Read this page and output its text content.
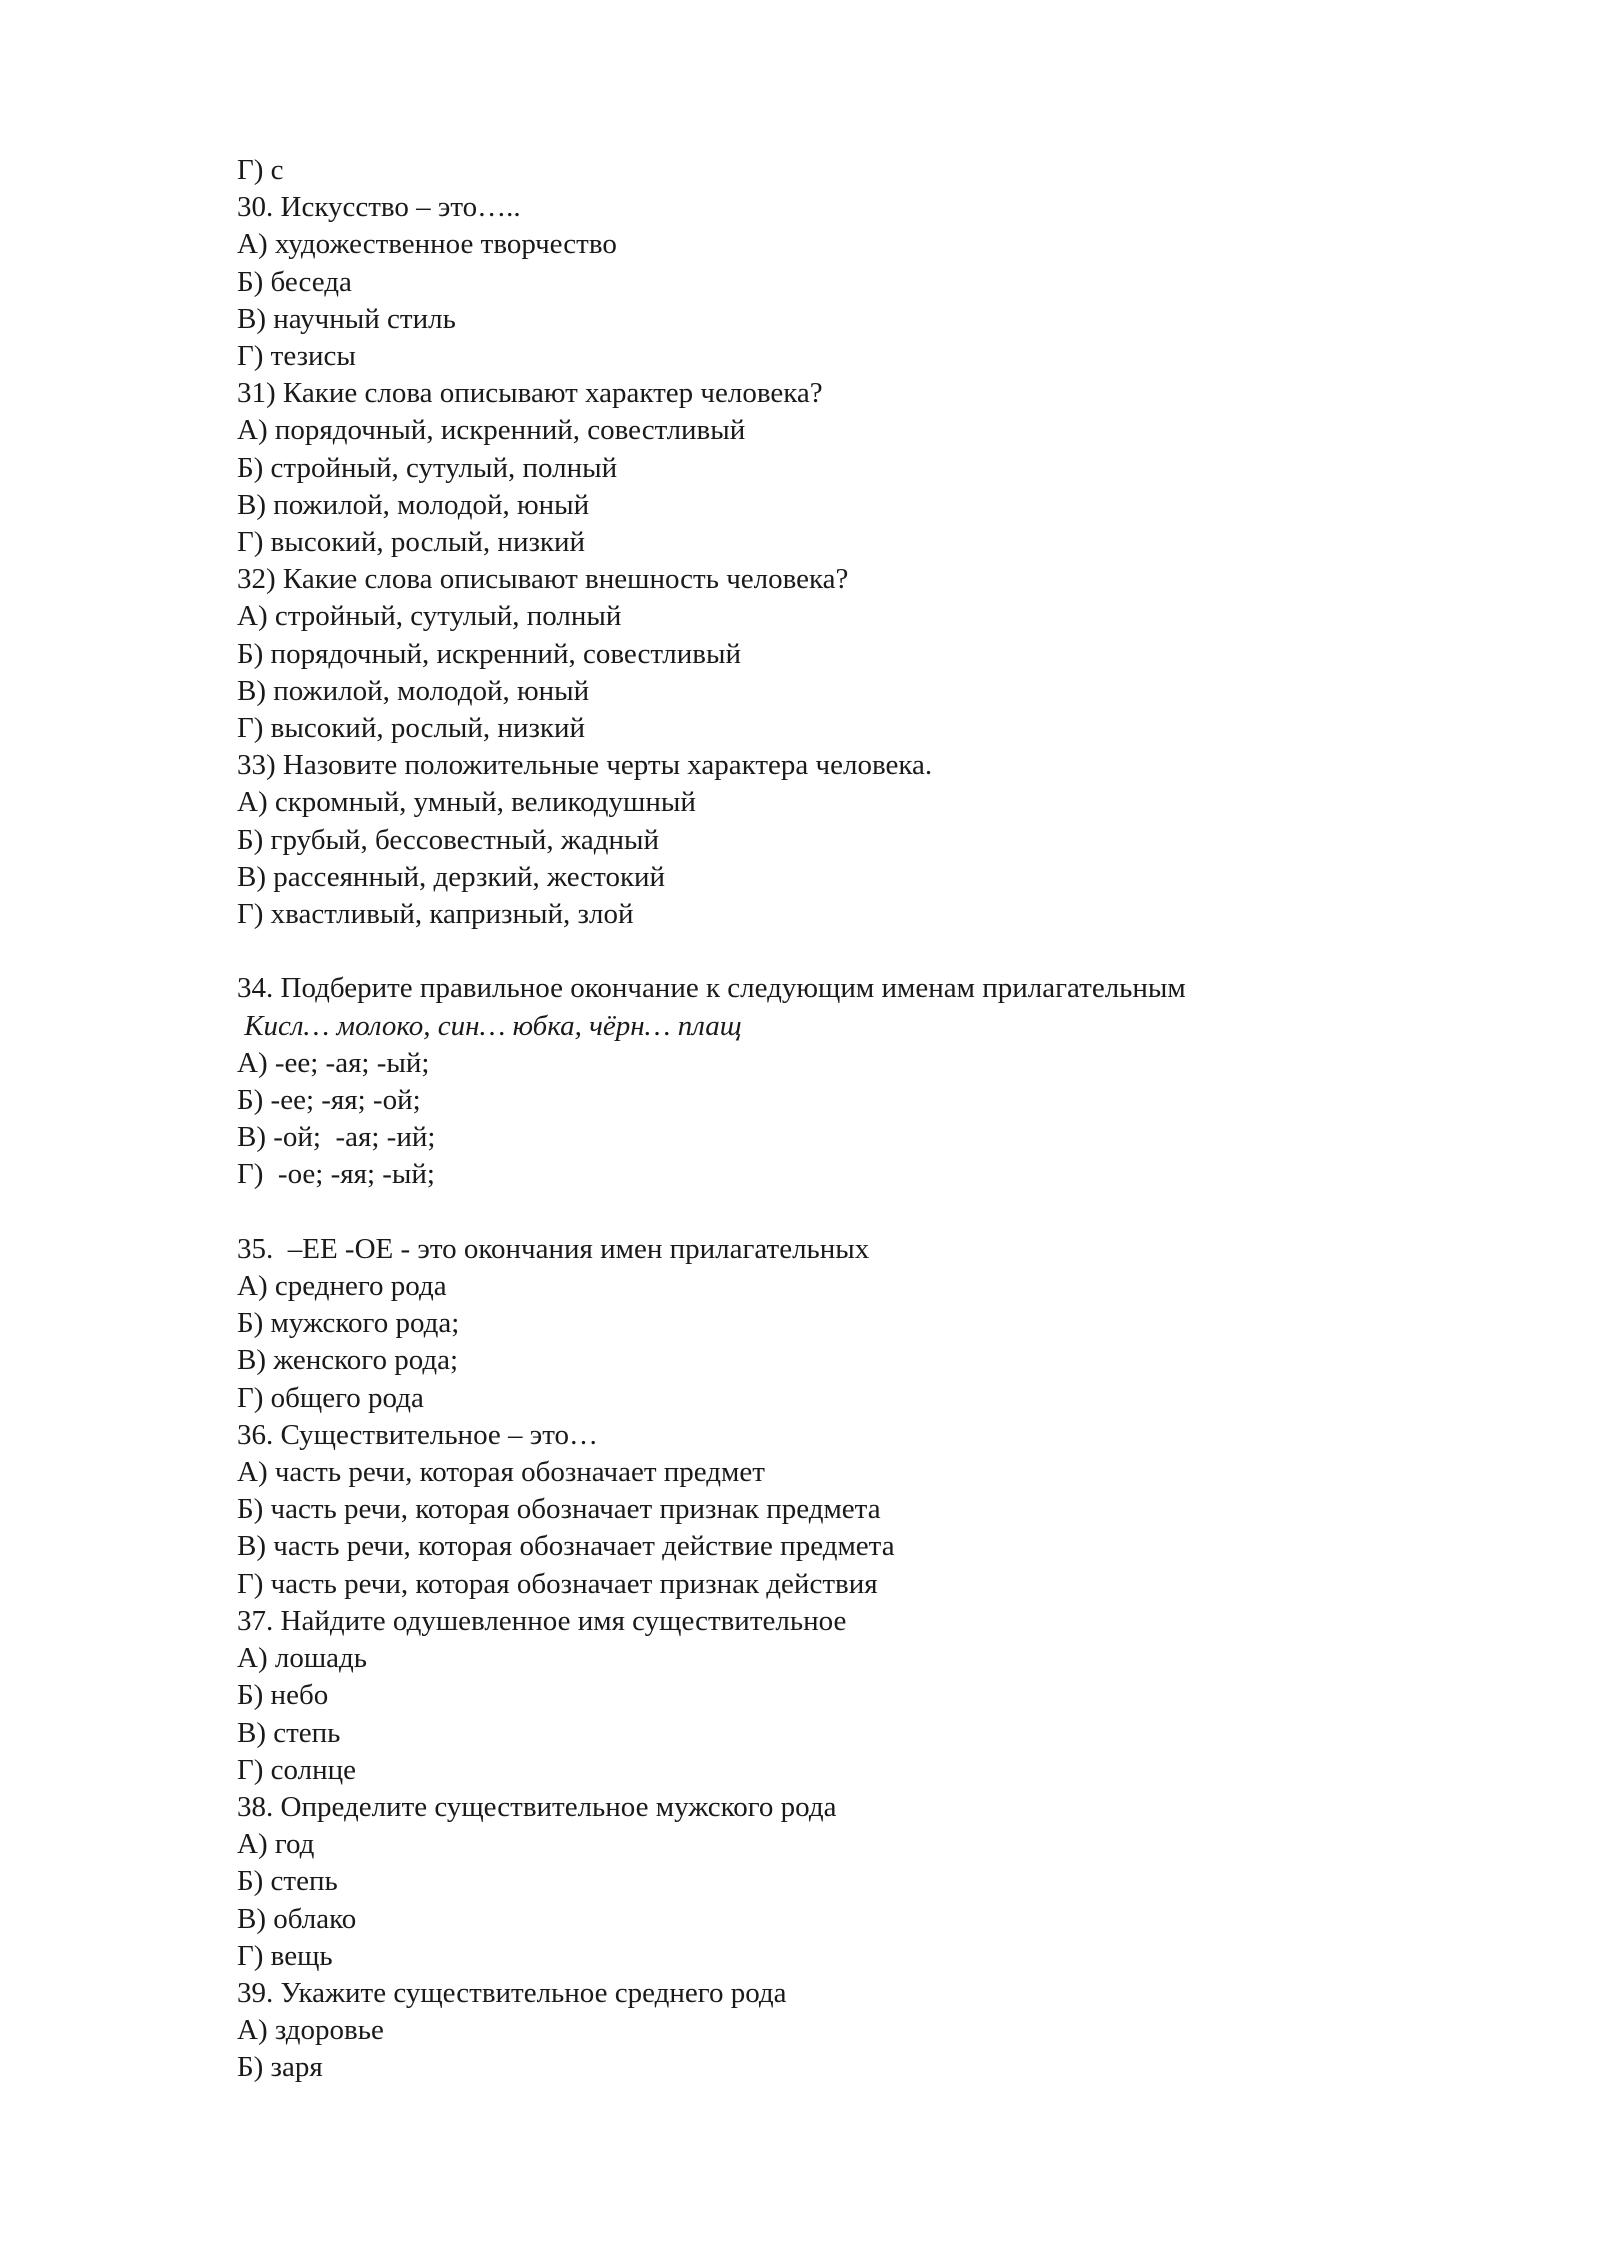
Г) с
30. Искусство – это…..
А) художественное творчество
Б) беседа
В) научный стиль
Г) тезисы
31) Какие слова описывают характер человека?
А) порядочный, искренний, совестливый
Б) стройный, сутулый, полный
В) пожилой, молодой, юный
Г) высокий, рослый, низкий
32) Какие слова описывают внешность человека?
А) стройный, сутулый, полный
Б) порядочный, искренний, совестливый
В) пожилой, молодой, юный
Г) высокий, рослый, низкий
33) Назовите положительные черты характера человека.
А) скромный, умный, великодушный
Б) грубый, бессовестный, жадный
В) рассеянный, дерзкий, жестокий
Г) хвастливый, капризный, злой
34. Подберите правильное окончание к следующим именам прилагательным
Кисл… молоко, син… юбка, чёрн… плащ
А) -ее; -ая; -ый;
Б) -ее; -яя; -ой;
В) -ой;  -ая; -ий;
Г)  -ое; -яя; -ый;
35.  –ЕЕ -ОЕ - это окончания имен прилагательных
А) среднего рода
Б) мужского рода;
В) женского рода;
Г) общего рода
36. Существительное – это…
А) часть речи, которая обозначает предмет
Б) часть речи, которая обозначает признак предмета
В) часть речи, которая обозначает действие предмета
Г) часть речи, которая обозначает признак действия
37. Найдите одушевленное имя существительное
А) лошадь
Б) небо
В) степь
Г) солнце
38. Определите существительное мужского рода
А) год
Б) степь
В) облако
Г) вещь
39. Укажите существительное среднего рода
А) здоровье
Б) заря
